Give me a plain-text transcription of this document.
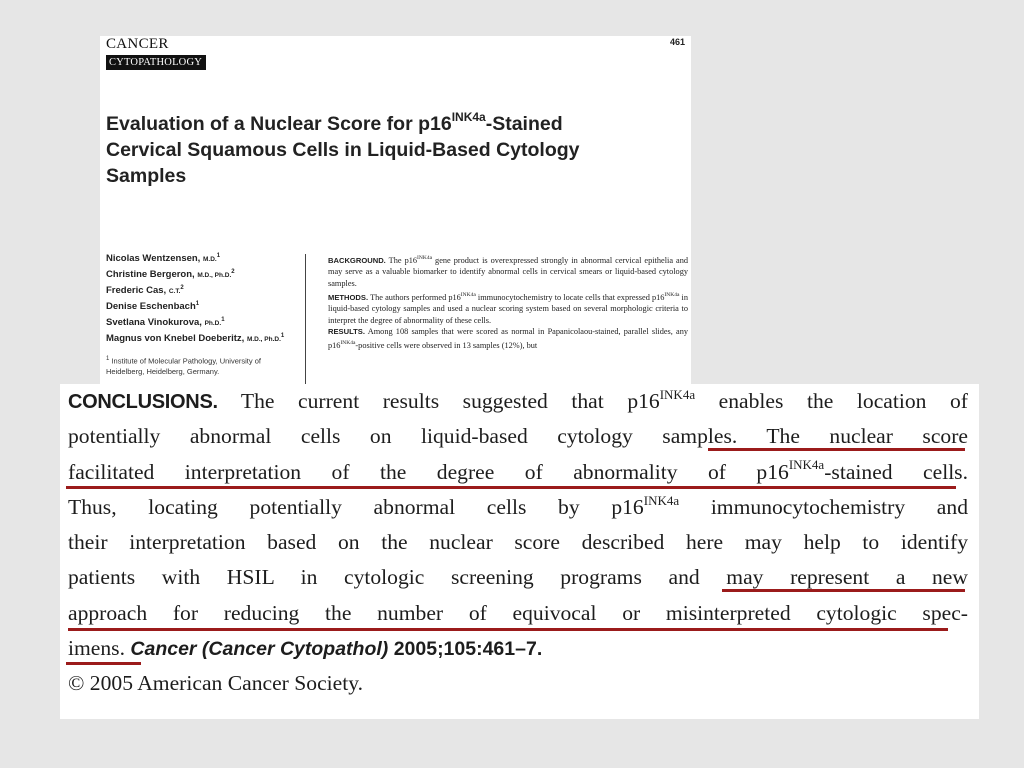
CANCER
CYTOPATHOLOGY
461
Evaluation of a Nuclear Score for $p16^{INK4a}$-Stained
Cervical Squamous Cells in Liquid-Based Cytology
Samples
Nicolas Wentzensen, M.D.$^1$
Christine Bergeron, M.D., Ph.D.$^2$
Frederic Cas, C.T.$^2$
Denise Eschenbach$^1$
Svetlana Vinokurova, Ph.D.$^1$
Magnus von Knebel Doeberitz, M.D., Ph.D.$^1$
$^1$ Institute of Molecular Pathology, University of Heidelberg, Heidelberg, Germany.
BACKGROUND. The $p16^{INK4a}$ gene product is overexpressed strongly in abnormal cervical epithelia and may serve as a valuable biomarker to identify abnormal cells in cervical smears or liquid-based cytology samples.
METHODS. The authors performed $p16^{INK4a}$ immunocytochemistry to locate cells that expressed $p16^{INK4a}$ in liquid-based cytology samples and used a nuclear scoring system based on several morphologic criteria to interpret the degree of abnormality of these cells.
RESULTS. Among 108 samples that were scored as normal in Papanicolaou-stained, parallel slides, any $p16^{INK4a}$-positive cells were observed in 13 samples (12%), but
CONCLUSIONS. The current results suggested that $p16^{INK4a}$ enables the location of
potentially abnormal cells on liquid-based cytology samples. The nuclear score
facilitated interpretation of the degree of abnormality of $p16^{INK4a}$-stained cells.
Thus, locating potentially abnormal cells by $p16^{INK4a}$ immunocytochemistry and
their interpretation based on the nuclear score described here may help to identify
patients with HSIL in cytologic screening programs and may represent a new
approach for reducing the number of equivocal or misinterpreted cytologic spec-
imens. Cancer (Cancer Cytopathol) 2005;105:461–7.
© 2005 American Cancer Society.
